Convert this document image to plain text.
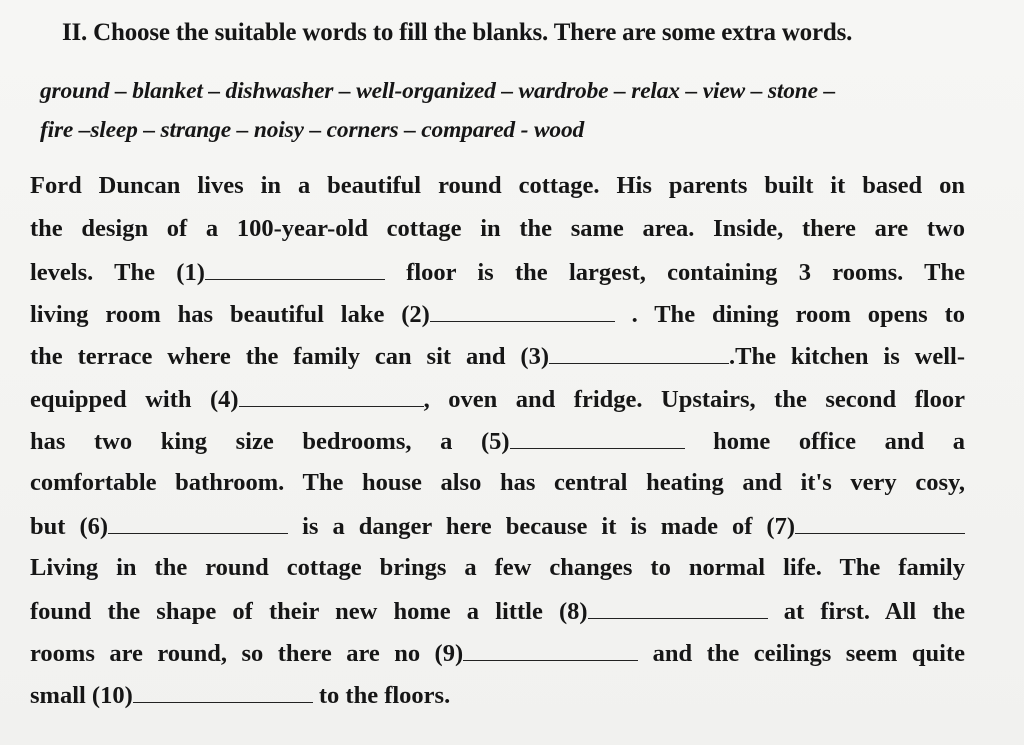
II. Choose the suitable words to fill the blanks. There are some extra words.
ground – blanket – dishwasher – well-organized – wardrobe – relax – view – stone –
fire –sleep – strange – noisy – corners – compared - wood
Ford Duncan lives in a beautiful round cottage. His parents built it based on
the design of a 100-year-old cottage in the same area. Inside, there are two
levels. The (1)	floor is the largest, containing 3 rooms. The
living room has beautiful lake (2)	. The dining room opens to
the terrace where the family can sit and (3)	.The kitchen is well-
equipped with (4)	, oven and fridge. Upstairs, the second floor
has two king size bedrooms, a (5)	home office and a
comfortable bathroom. The house also has central heating and it's very cosy,
but (6)	is a danger here because it is made of (7)
Living in the round cottage brings a few changes to normal life. The family
found the shape of their new home a little (8)	at first. All the
rooms are round, so there are no (9)	and the ceilings seem quite
small (10)	to the floors.
